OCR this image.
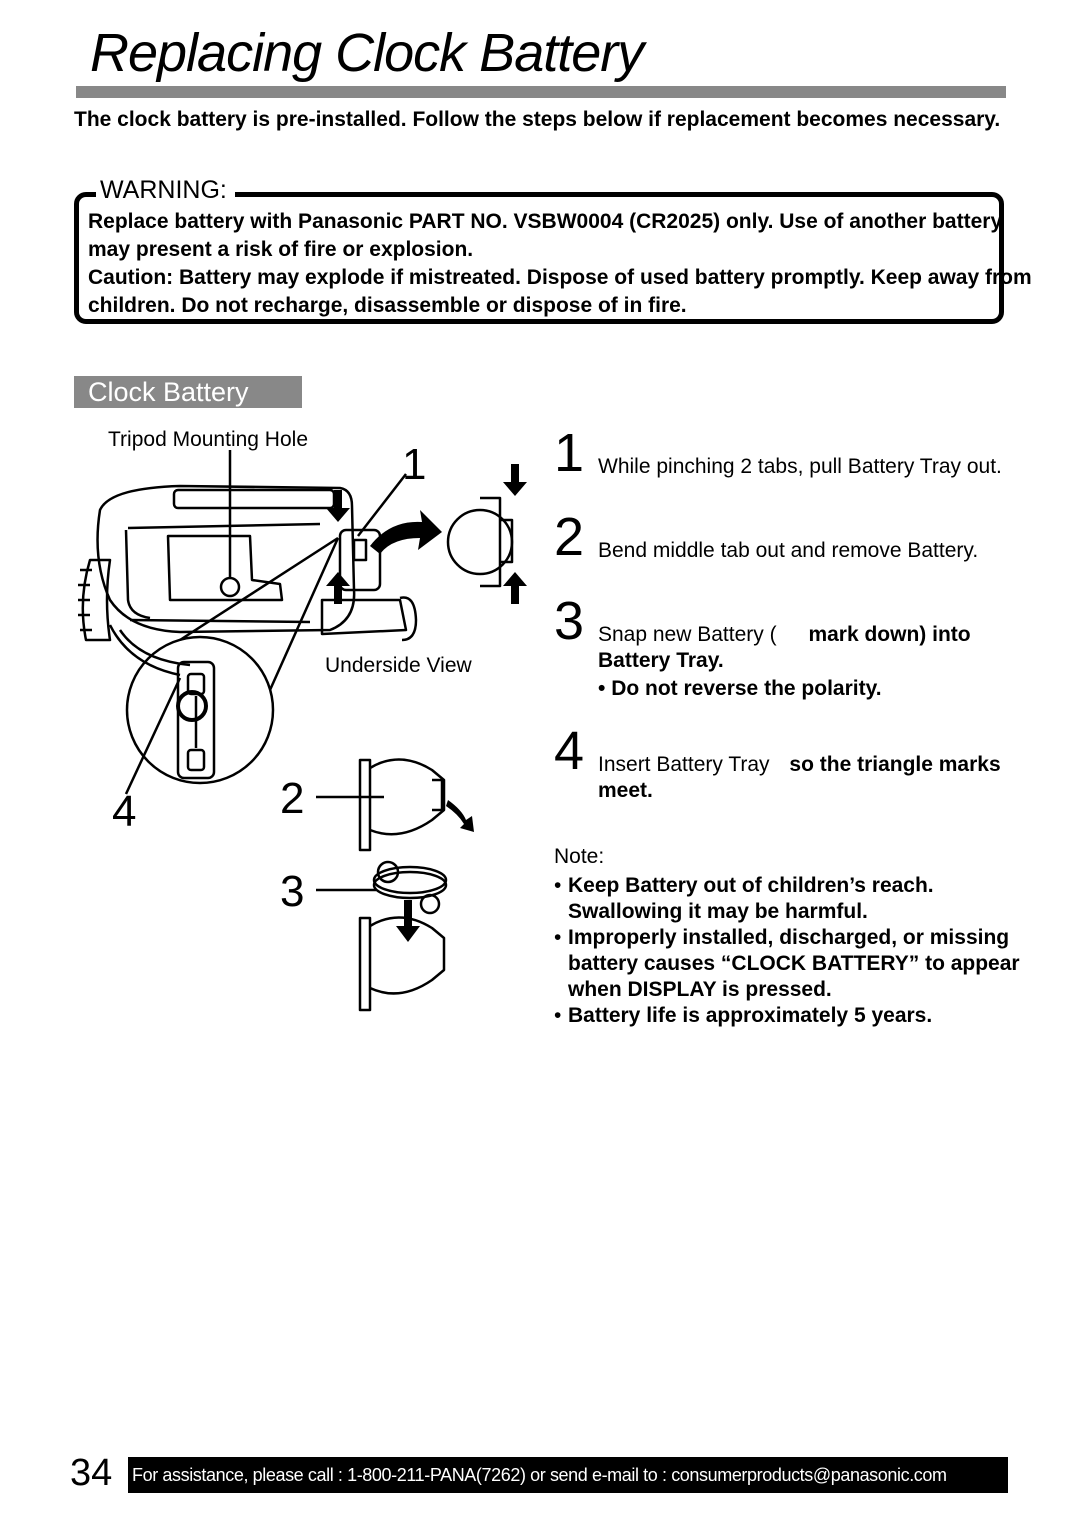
Replacing Clock Battery
The clock battery is pre-installed. Follow the steps below if replacement becomes necessary.
WARNING:
Replace battery with Panasonic PART NO. VSBW0004 (CR2025) only. Use of another battery may present a risk of fire or explosion.
Caution: Battery may explode if mistreated. Dispose of used battery promptly. Keep away from children. Do not recharge, disassemble or dispose of in fire.
Clock Battery
Tripod Mounting Hole
Underside View
1
2
3
4
1 While pinching 2 tabs, pull Battery Tray out.
2 Bend middle tab out and remove Battery.
3 Snap new Battery ( mark down) into Battery Tray.
• Do not reverse the polarity.
4 Insert Battery Tray so the triangle marks meet.
Note:
• Keep Battery out of children’s reach. Swallowing it may be harmful.
• Improperly installed, discharged, or missing battery causes “CLOCK BATTERY” to appear when DISPLAY is pressed.
• Battery life is approximately 5 years.
34 For assistance, please call : 1-800-211-PANA(7262) or send e-mail to : consumerproducts@panasonic.com
